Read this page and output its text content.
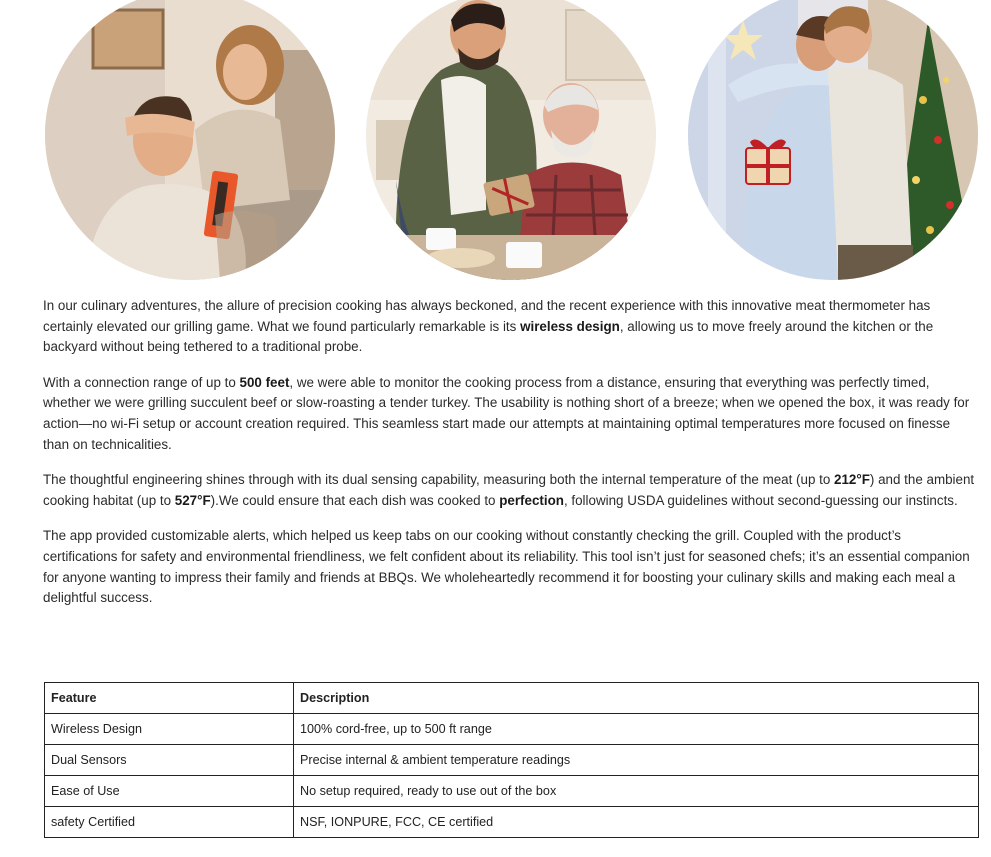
In our culinary adventures, the allure of precision cooking has always beckoned, and the recent experience with this innovative meat thermometer has certainly elevated our grilling game. What we found particularly remarkable is its wireless design, allowing us to move freely around the kitchen or the backyard without being tethered to a traditional probe.

With a connection range of up to 500 feet, we were able to monitor the cooking process from a distance, ensuring that everything was perfectly timed, whether we were grilling succulent beef or slow-roasting a tender turkey. The usability is nothing short of a breeze; when we opened the box, it was ready for action—no wi-Fi setup or account creation required. This seamless start made our attempts at maintaining optimal temperatures more focused on finesse than on technicalities.

The thoughtful engineering shines through with its dual sensing capability, measuring both the internal temperature of the meat (up to 212°F) and the ambient cooking habitat (up to 527°F).We could ensure that each dish was cooked to perfection, following USDA guidelines without second-guessing our instincts.

The app provided customizable alerts, which helped us keep tabs on our cooking without constantly checking the grill. Coupled with the product’s certifications for safety and environmental friendliness, we felt confident about its reliability. This tool isn’t just for seasoned chefs; it’s an essential companion for anyone wanting to impress their family and friends at BBQs. We wholeheartedly recommend it for boosting your culinary skills and making each meal a delightful success.

Feature	Description
Wireless Design	100% cord-free, up to 500 ft range
Dual Sensors	Precise internal & ambient temperature readings
Ease of Use	No setup required, ready to use out of the box
safety Certified	NSF, IONPURE, FCC, CE certified
